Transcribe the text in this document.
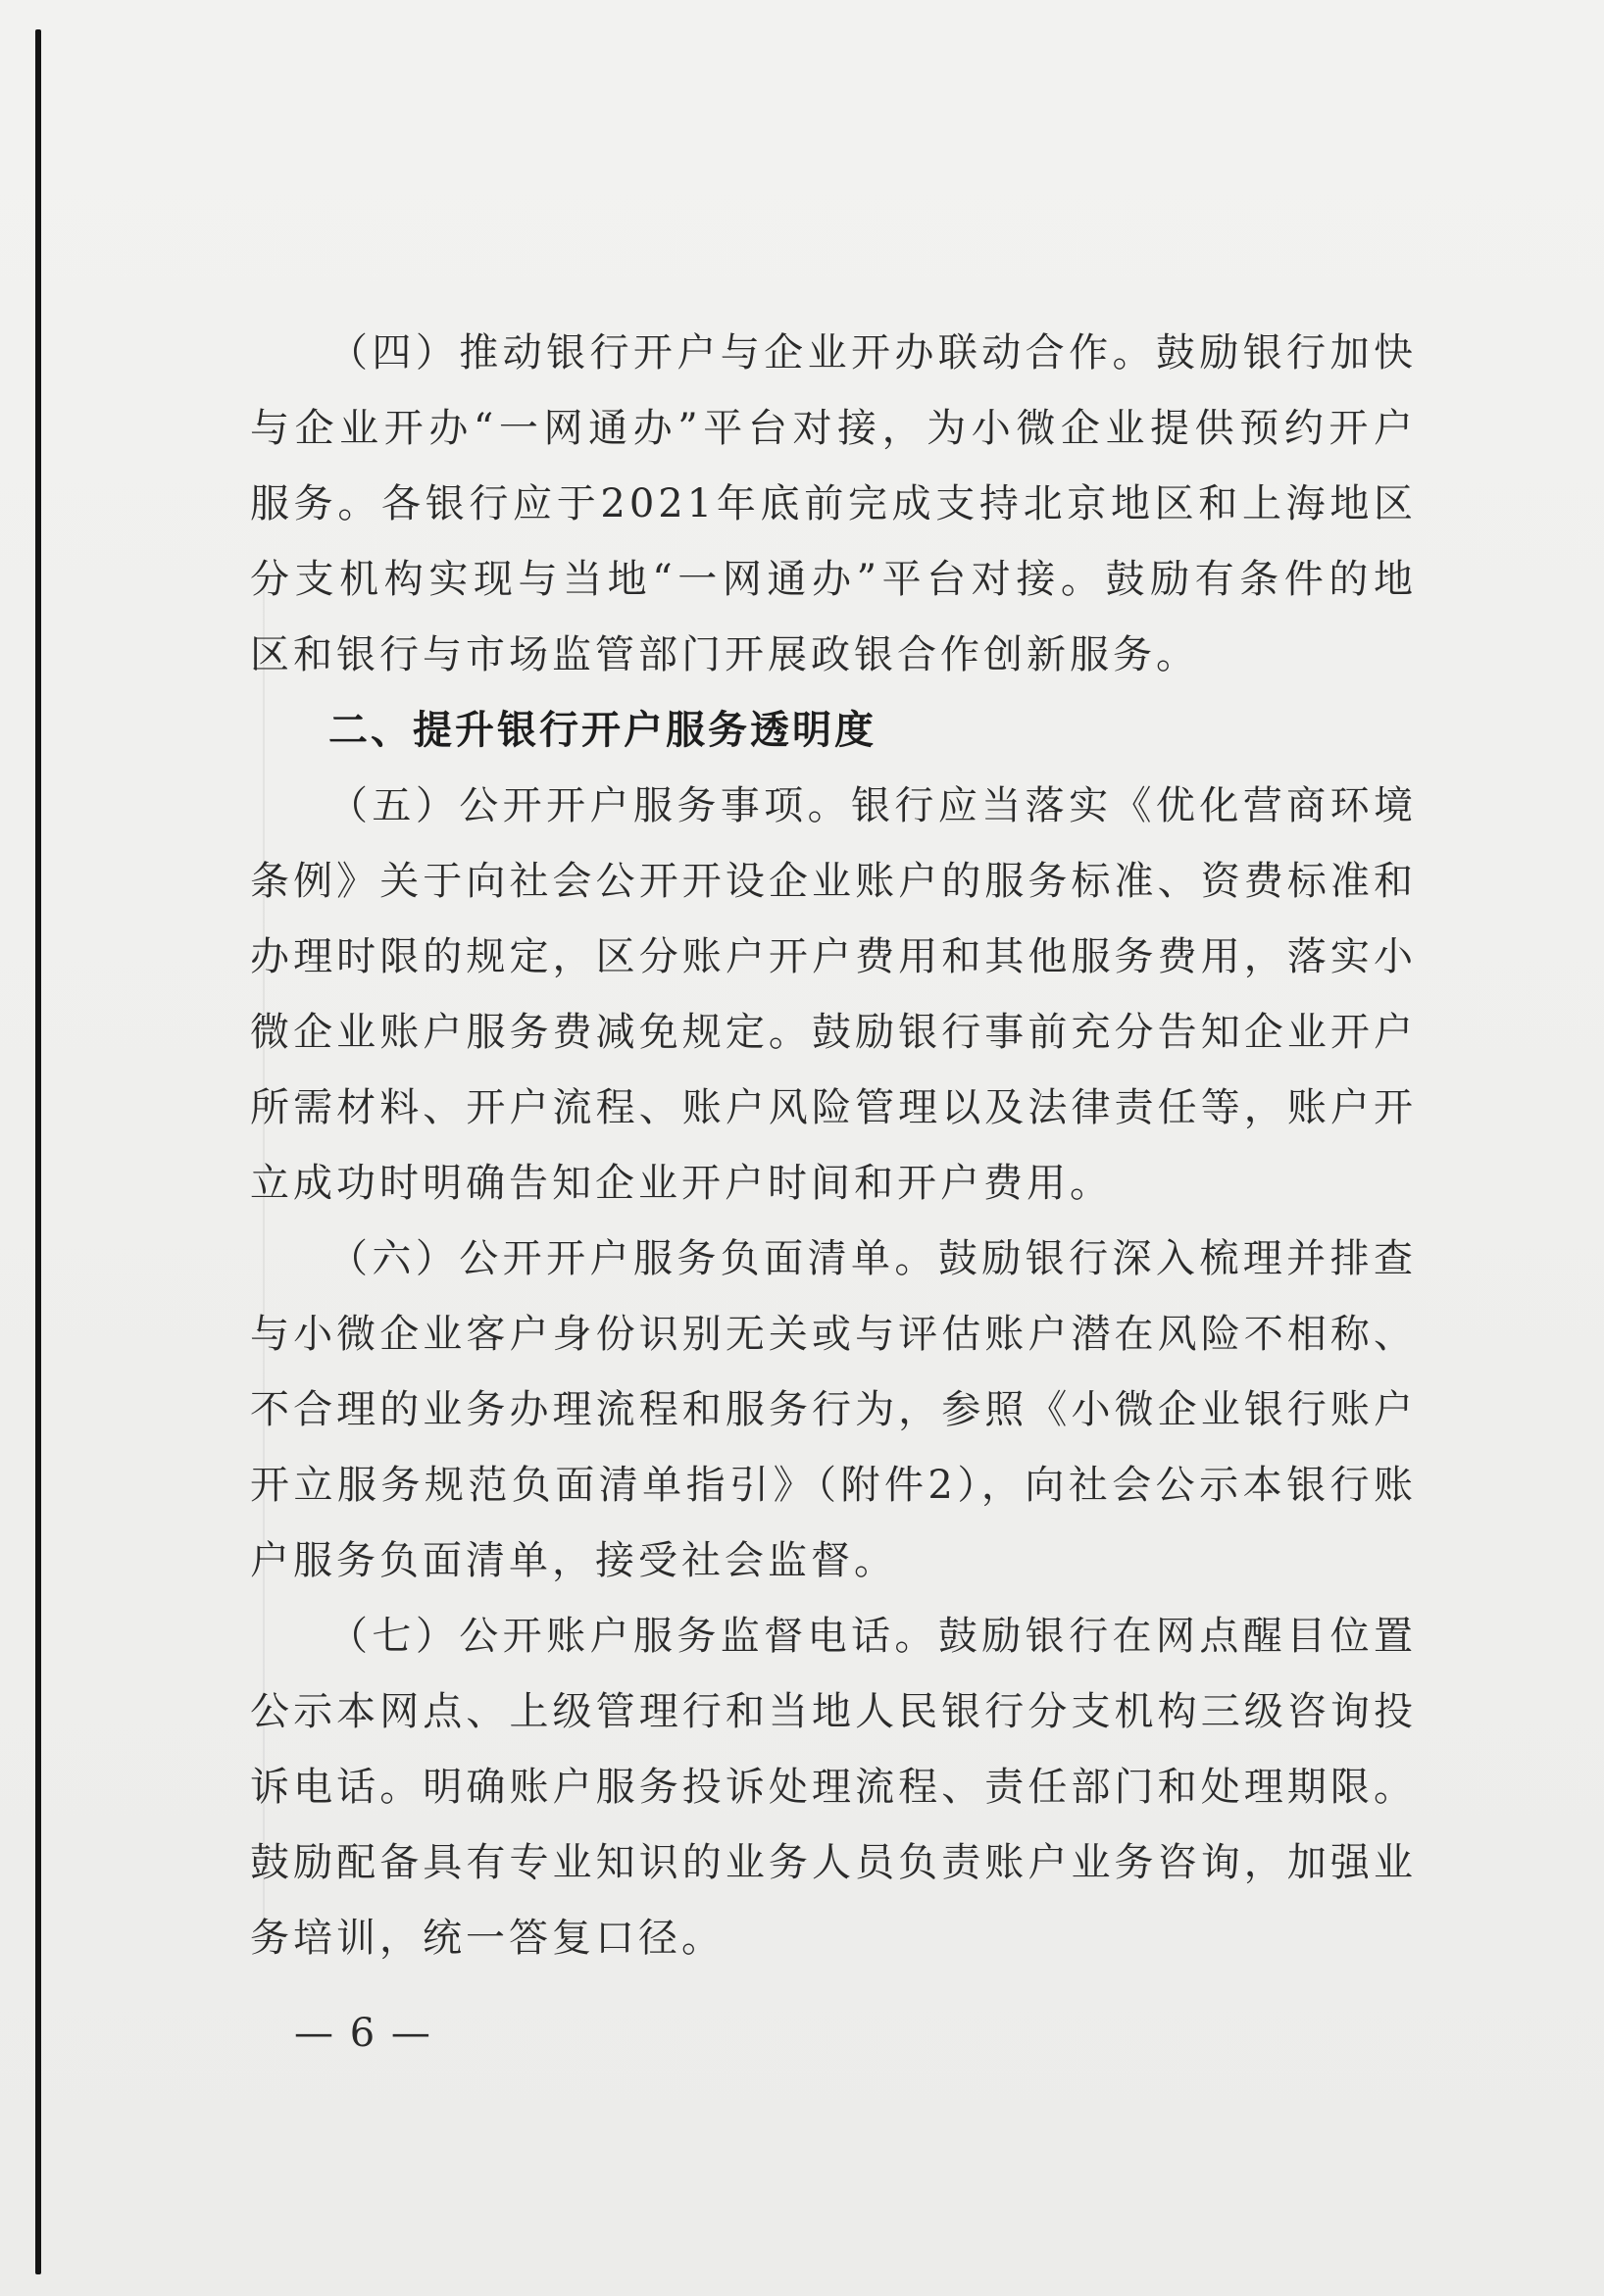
（四）推动银行开户与企业开办联动合作。鼓励银行加快与企业开办“一网通办”平台对接，为小微企业提供预约开户服务。各银行应于2021年底前完成支持北京地区和上海地区分支机构实现与当地“一网通办”平台对接。鼓励有条件的地区和银行与市场监管部门开展政银合作创新服务。

二、提升银行开户服务透明度

（五）公开开户服务事项。银行应当落实《优化营商环境条例》关于向社会公开开设企业账户的服务标准、资费标准和办理时限的规定，区分账户开户费用和其他服务费用，落实小微企业账户服务费减免规定。鼓励银行事前充分告知企业开户所需材料、开户流程、账户风险管理以及法律责任等，账户开立成功时明确告知企业开户时间和开户费用。

（六）公开开户服务负面清单。鼓励银行深入梳理并排查与小微企业客户身份识别无关或与评估账户潜在风险不相称、不合理的业务办理流程和服务行为，参照《小微企业银行账户开立服务规范负面清单指引》（附件2），向社会公示本银行账户服务负面清单，接受社会监督。

（七）公开账户服务监督电话。鼓励银行在网点醒目位置公示本网点、上级管理行和当地人民银行分支机构三级咨询投诉电话。明确账户服务投诉处理流程、责任部门和处理期限。鼓励配备具有专业知识的业务人员负责账户业务咨询，加强业务培训，统一答复口径。

— 6 —
